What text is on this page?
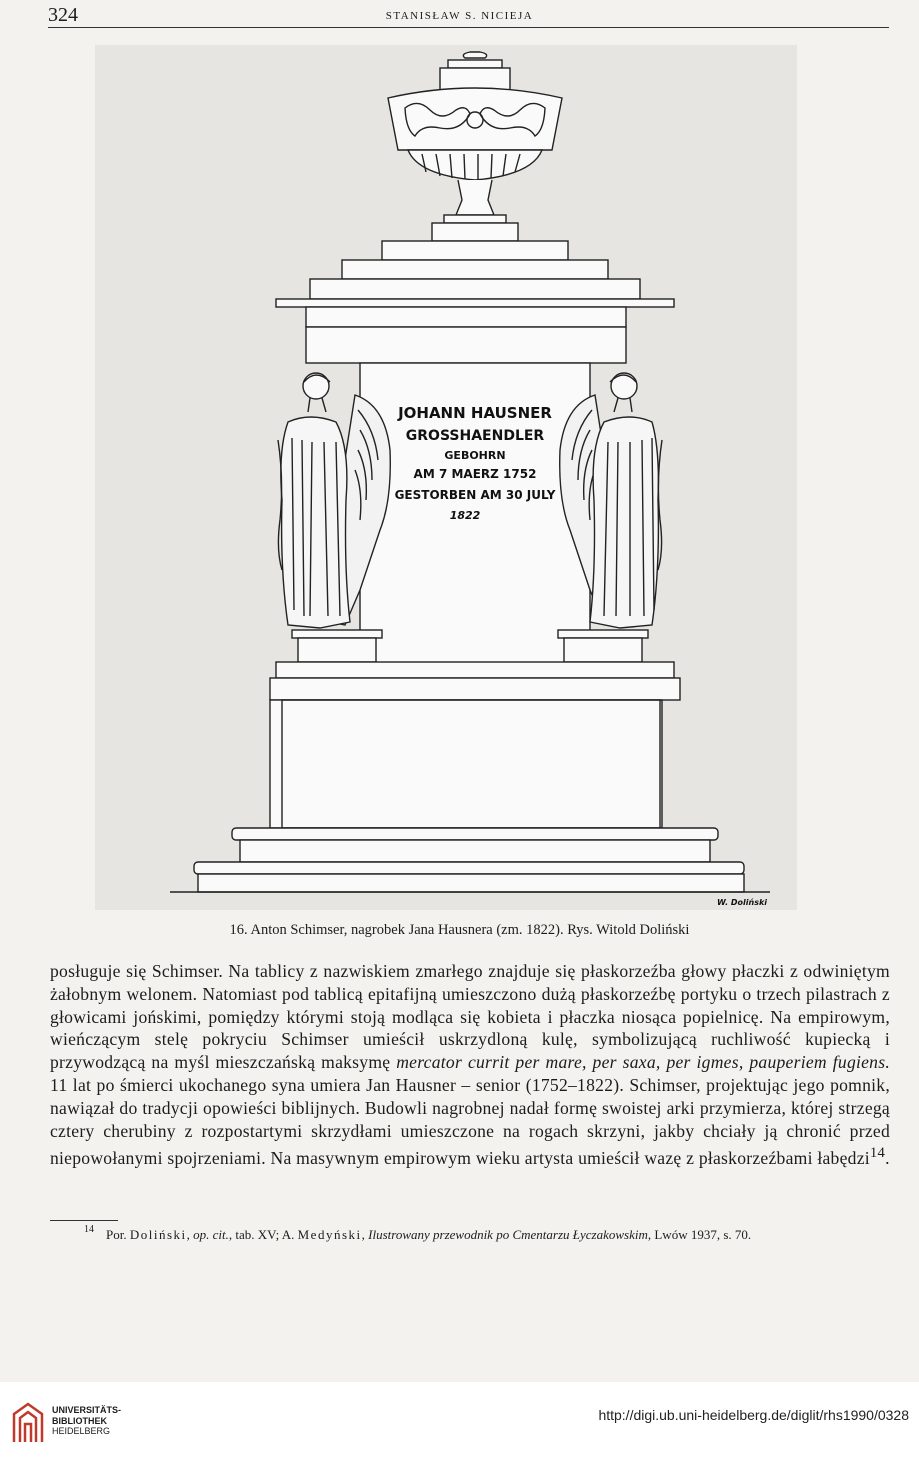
324	STANISŁAW S. NICIEJA
JOHANN HAUSNER
GROSSHAENDLER
GEBOHRN
AM 7 MAERZ 1752
GESTORBEN AM 30 JULY
1822
W. Doliński
16. Anton Schimser, nagrobek Jana Hausnera (zm. 1822). Rys. Witold Doliński

posługuje się Schimser. Na tablicy z nazwiskiem zmarłego znajduje się płaskorzeźba głowy płaczki z odwiniętym żałobnym welonem. Natomiast pod tablicą epitafijną umieszczono dużą płaskorzeźbę portyku o trzech pilastrach z głowicami jońskimi, pomiędzy którymi stoją modląca się kobieta i płaczka niosąca popielnicę. Na empirowym, wieńczącym stelę pokryciu Schimser umieścił uskrzydloną kulę, symbolizującą ruchliwość kupiecką i przywodzącą na myśl mieszczańską maksymę mercator currit per mare, per saxa, per igmes, pauperiem fugiens. 11 lat po śmierci ukochanego syna umiera Jan Hausner – senior (1752–1822). Schimser, projektując jego pomnik, nawiązał do tradycji opowieści biblijnych. Budowli nagrobnej nadał formę swoistej arki przymierza, której strzegą cztery cherubiny z rozpostartymi skrzydłami umieszczone na rogach skrzyni, jakby chciały ją chronić przed niepowołanymi spojrzeniami. Na masywnym empirowym wieku artysta umieścił wazę z płaskorzeźbami łabędzi$^{14}$.

14 Por. Doliński, op. cit., tab. XV; A. Medyński, Ilustrowany przewodnik po Cmentarzu Łyczakowskim, Lwów 1937, s. 70.
UNIVERSITÄTS-
BIBLIOTHEK
HEIDELBERG
http://digi.ub.uni-heidelberg.de/diglit/rhs1990/0328
